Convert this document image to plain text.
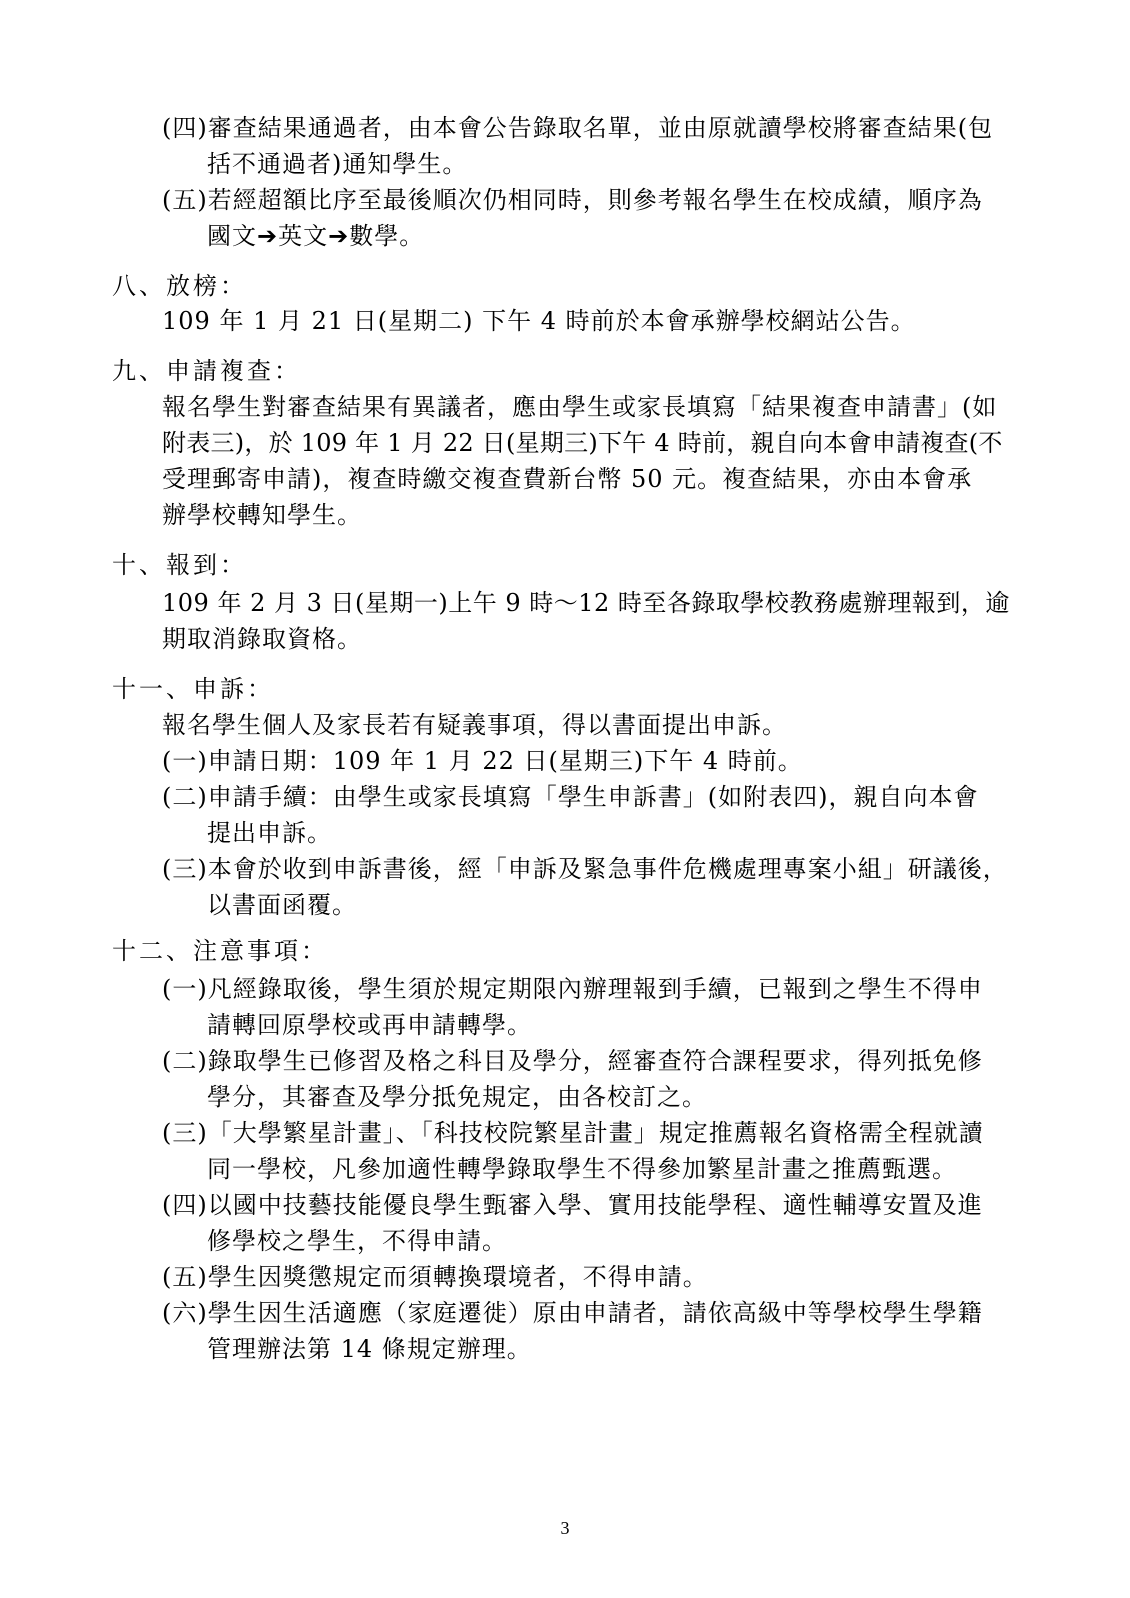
(四)審查結果通過者，由本會公告錄取名單，並由原就讀學校將審查結果(包
括不通過者)通知學生。
(五)若經超額比序至最後順次仍相同時，則參考報名學生在校成績，順序為
國文➔英文➔數學。
八、放榜：
109 年 1 月 21 日(星期二) 下午 4 時前於本會承辦學校網站公告。
九、申請複查：
報名學生對審查結果有異議者，應由學生或家長填寫「結果複查申請書」(如
附表三)，於 109 年 1 月 22 日(星期三)下午 4 時前，親自向本會申請複查(不
受理郵寄申請)，複查時繳交複查費新台幣 50 元。複查結果，亦由本會承
辦學校轉知學生。
十、報到：
109 年 2 月 3 日(星期一)上午 9 時～12 時至各錄取學校教務處辦理報到，逾
期取消錄取資格。
十一、申訴：
報名學生個人及家長若有疑義事項，得以書面提出申訴。
(一)申請日期：109 年 1 月 22 日(星期三)下午 4 時前。
(二)申請手續：由學生或家長填寫「學生申訴書」(如附表四)，親自向本會
提出申訴。
(三)本會於收到申訴書後，經「申訴及緊急事件危機處理專案小組」研議後，
以書面函覆。
十二、注意事項：
(一)凡經錄取後，學生須於規定期限內辦理報到手續，已報到之學生不得申
請轉回原學校或再申請轉學。
(二)錄取學生已修習及格之科目及學分，經審查符合課程要求，得列抵免修
學分，其審查及學分抵免規定，由各校訂之。
(三)「大學繁星計畫」、「科技校院繁星計畫」規定推薦報名資格需全程就讀
同一學校，凡參加適性轉學錄取學生不得參加繁星計畫之推薦甄選。
(四)以國中技藝技能優良學生甄審入學、實用技能學程、適性輔導安置及進
修學校之學生，不得申請。
(五)學生因獎懲規定而須轉換環境者，不得申請。
(六)學生因生活適應（家庭遷徙）原由申請者，請依高級中等學校學生學籍
管理辦法第 14 條規定辦理。
3
